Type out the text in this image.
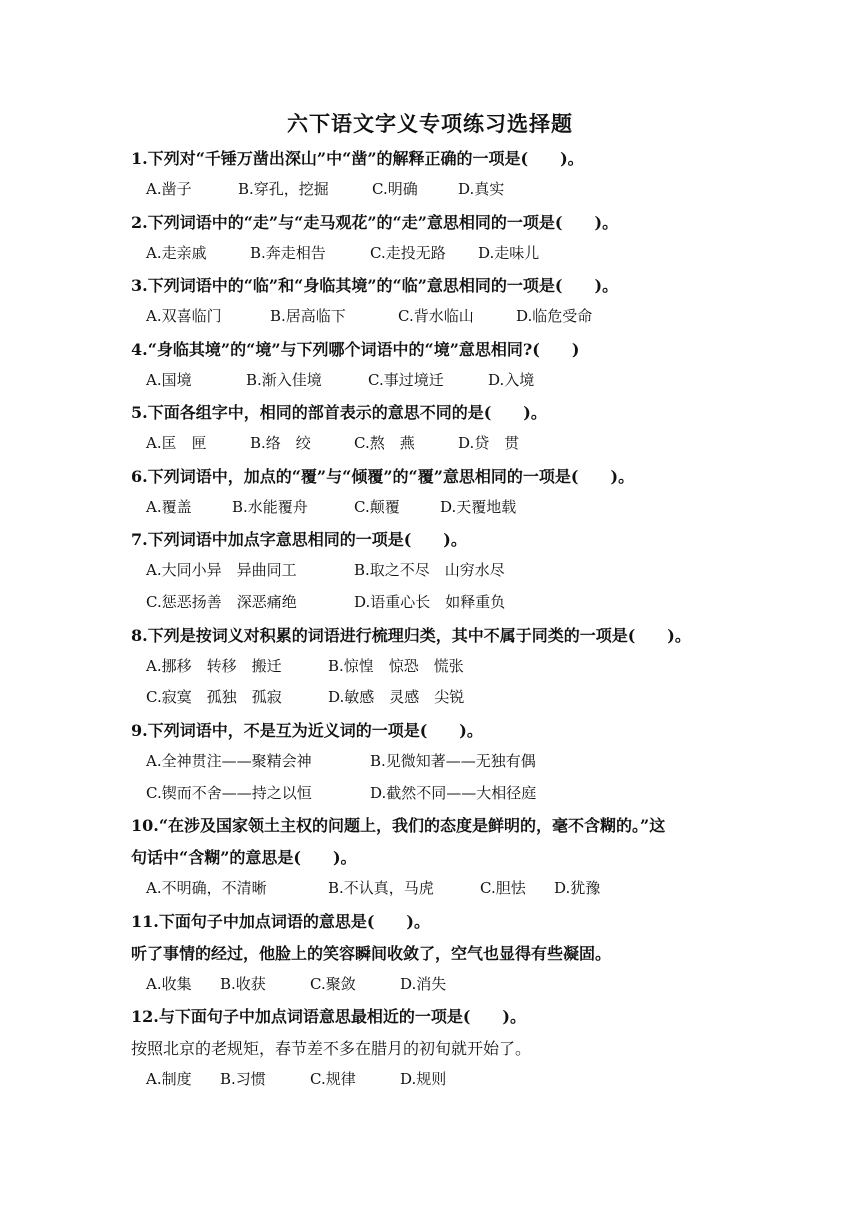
六下语文字义专项练习选择题
1.下列对“千锤万凿出深山”中“凿”的解释正确的一项是(　　)。
A.凿子	B.穿孔，挖掘	C.明确	D.真实
2.下列词语中的“走”与“走马观花”的“走”意思相同的一项是(　　)。
A.走亲戚	B.奔走相告	C.走投无路 D.走味儿
3.下列词语中的“临”和“身临其境”的“临”意思相同的一项是(　　)。
A.双喜临门	B.居高临下	C.背水临山	D.临危受命
4.“身临其境”的“境”与下列哪个词语中的“境”意思相同?(　　)
A.国境	B.渐入佳境	C.事过境迁	D.入境
5.下面各组字中，相同的部首表示的意思不同的是(　　)。
A.匡　匣	B.络　绞	C.熬　燕	D.贷　贯
6.下列词语中，加点的“覆”与“倾覆”的“覆”意思相同的一项是(　　)。
A.覆盖	B.水能覆舟	C.颠覆	D.天覆地载
7.下列词语中加点字意思相同的一项是(　　)。
A.大同小异　异曲同工	B.取之不尽　山穷水尽
C.惩恶扬善　深恶痛绝	D.语重心长　如释重负
8.下列是按词义对积累的词语进行梳理归类，其中不属于同类的一项是(　　)。
A.挪移　转移　搬迁	B.惊惶　惊恐　慌张
C.寂寞　孤独　孤寂	D.敏感　灵感　尖锐
9.下列词语中，不是互为近义词的一项是(　　)。
A.全神贯注——聚精会神	B.见微知著——无独有偶
C.锲而不舍——持之以恒	D.截然不同——大相径庭
10.“在涉及国家领土主权的问题上，我们的态度是鲜明的，毫不含糊的。”这
句话中“含糊”的意思是(　　)。
A.不明确，不清晰	B.不认真，马虎	C.胆怯 D.犹豫
11.下面句子中加点词语的意思是(　　)。
听了事情的经过，他脸上的笑容瞬间收敛了，空气也显得有些凝固。
A.收集 B.收获	C.聚敛	D.消失
12.与下面句子中加点词语意思最相近的一项是(　　)。
按照北京的老规矩，春节差不多在腊月的初旬就开始了。
A.制度 B.习惯	C.规律	D.规则
